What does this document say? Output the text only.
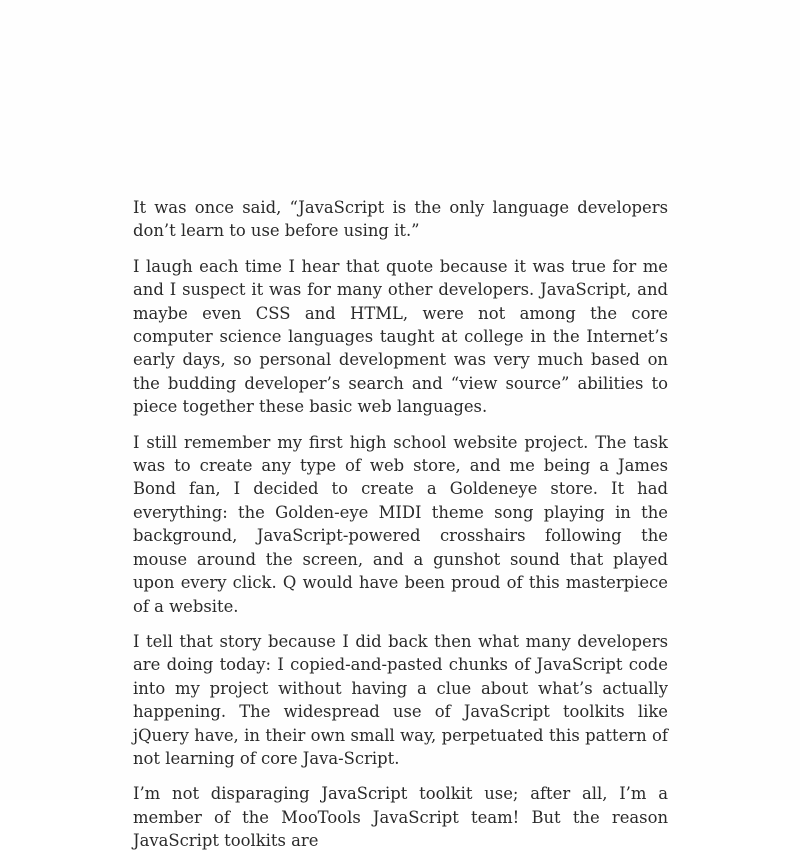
It was once said, “JavaScript is the only language developers don’t learn to use before using it.”

I laugh each time I hear that quote because it was true for me and I suspect it was for many other developers. JavaScript, and maybe even CSS and HTML, were not among the core computer science languages taught at college in the Internet’s early days, so personal development was very much based on the budding developer’s search and “view source” abilities to piece together these basic web languages.

I still remember my first high school website project. The task was to create any type of web store, and me being a James Bond fan, I decided to create a Goldeneye store. It had everything: the Golden-eye MIDI theme song playing in the background, JavaScript-powered crosshairs following the mouse around the screen, and a gunshot sound that played upon every click. Q would have been proud of this masterpiece of a website.

I tell that story because I did back then what many developers are doing today: I copied-and-pasted chunks of JavaScript code into my project without having a clue about what’s actually happening. The widespread use of JavaScript toolkits like jQuery have, in their own small way, perpetuated this pattern of not learning of core Java-Script.

I’m not disparaging JavaScript toolkit use; after all, I’m a member of the MooTools JavaScript team! But the reason JavaScript toolkits are
